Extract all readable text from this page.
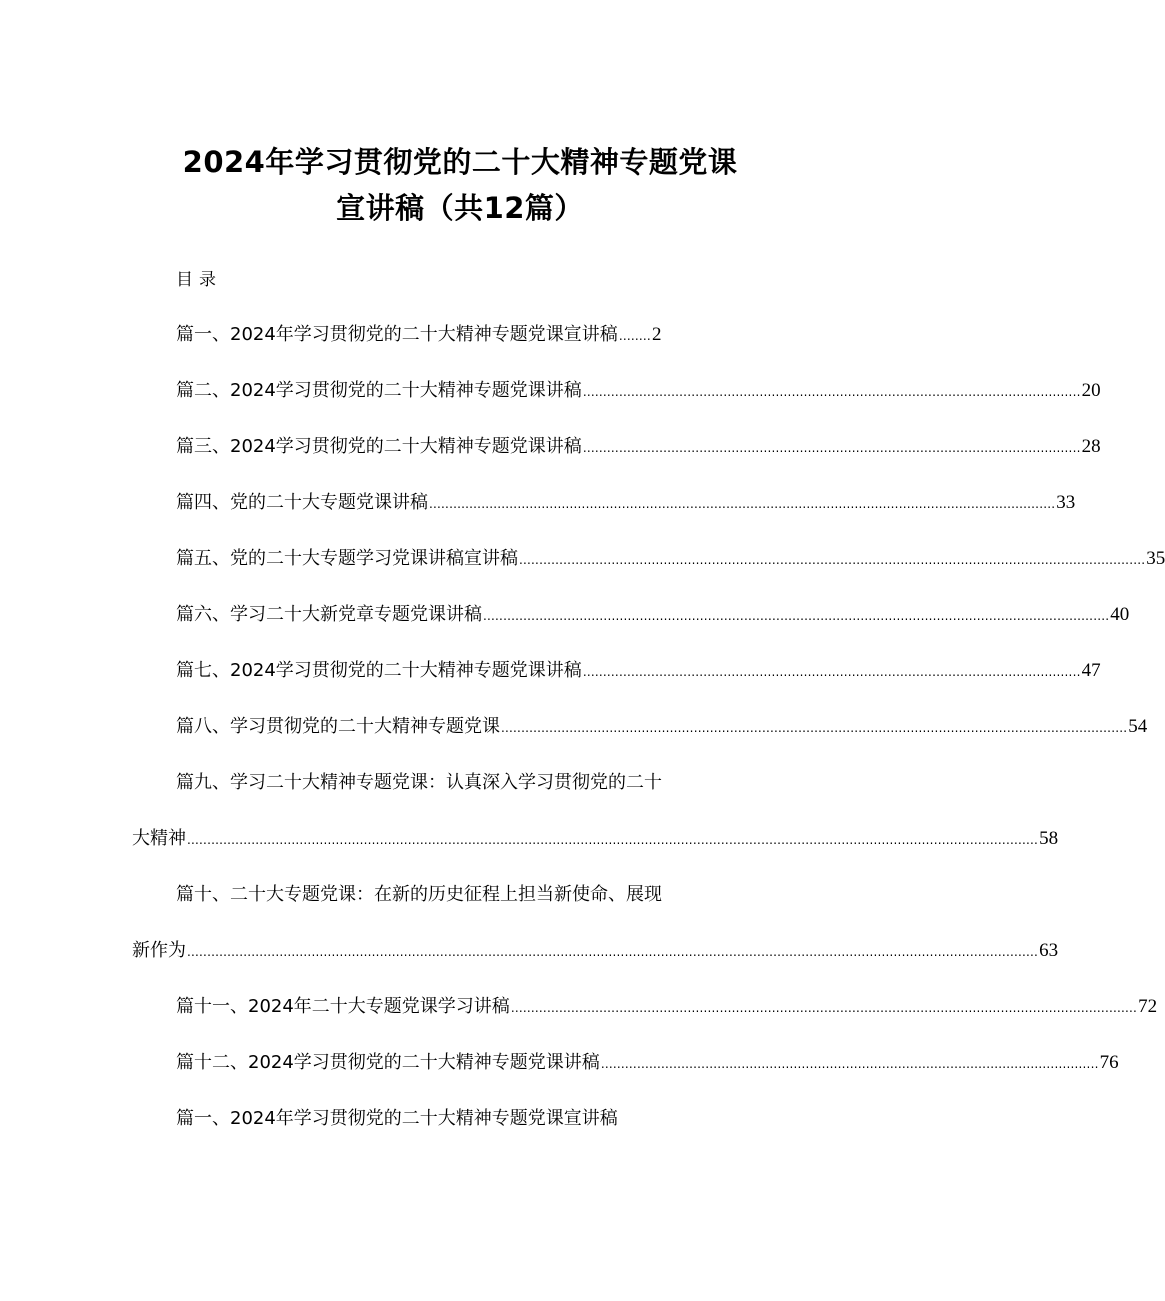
2024年学习贯彻党的二十大精神专题党课
宣讲稿（共12篇）
目录
篇一、2024年学习贯彻党的二十大精神专题党课宣讲稿 ........ 2
篇二、2024学习贯彻党的二十大精神专题党课讲稿 ............................................................................................................................ 20
篇三、2024学习贯彻党的二十大精神专题党课讲稿 ............................................................................................................................ 28
篇四、党的二十大专题党课讲稿 ............................................................................................................................................................ 33
篇五、党的二十大专题学习党课讲稿宣讲稿 ............................................................................................................................................................ 35
篇六、学习二十大新党章专题党课讲稿 ............................................................................................................................................................ 40
篇七、2024学习贯彻党的二十大精神专题党课讲稿 ............................................................................................................................ 47
篇八、学习贯彻党的二十大精神专题党课 ............................................................................................................................................................ 54
篇九、学习二十大精神专题党课：认真深入学习贯彻党的二十
大精神 .................................................................................................................................................................................................................... 58
篇十、二十大专题党课：在新的历史征程上担当新使命、展现
新作为 .................................................................................................................................................................................................................... 63
篇十一、2024年二十大专题党课学习讲稿 ............................................................................................................................................................ 72
篇十二、2024学习贯彻党的二十大精神专题党课讲稿 ............................................................................................................................ 76
篇一、2024年学习贯彻党的二十大精神专题党课宣讲稿
